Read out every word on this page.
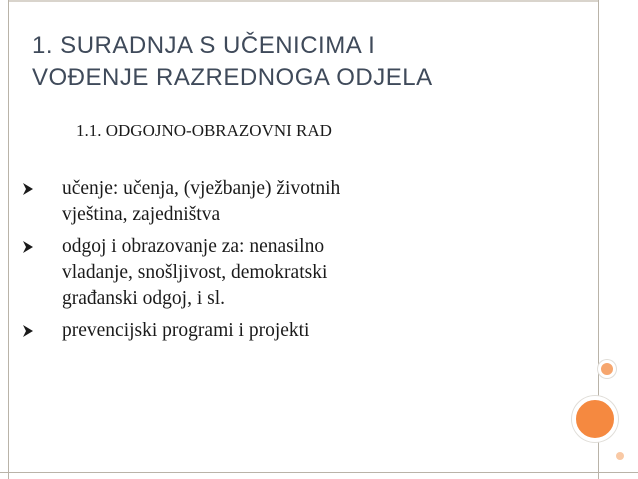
1. SURADNJA S UČENICIMA I
VOĐENJE RAZREDNOGA ODJELA
1.1. ODGOJNO-OBRAZOVNI RAD
učenje: učenja, (vježbanje) životnih
vještina, zajedništva
odgoj i obrazovanje za: nenasilno
vladanje, snošljivost, demokratski
građanski odgoj, i sl.
prevencijski programi i projekti
